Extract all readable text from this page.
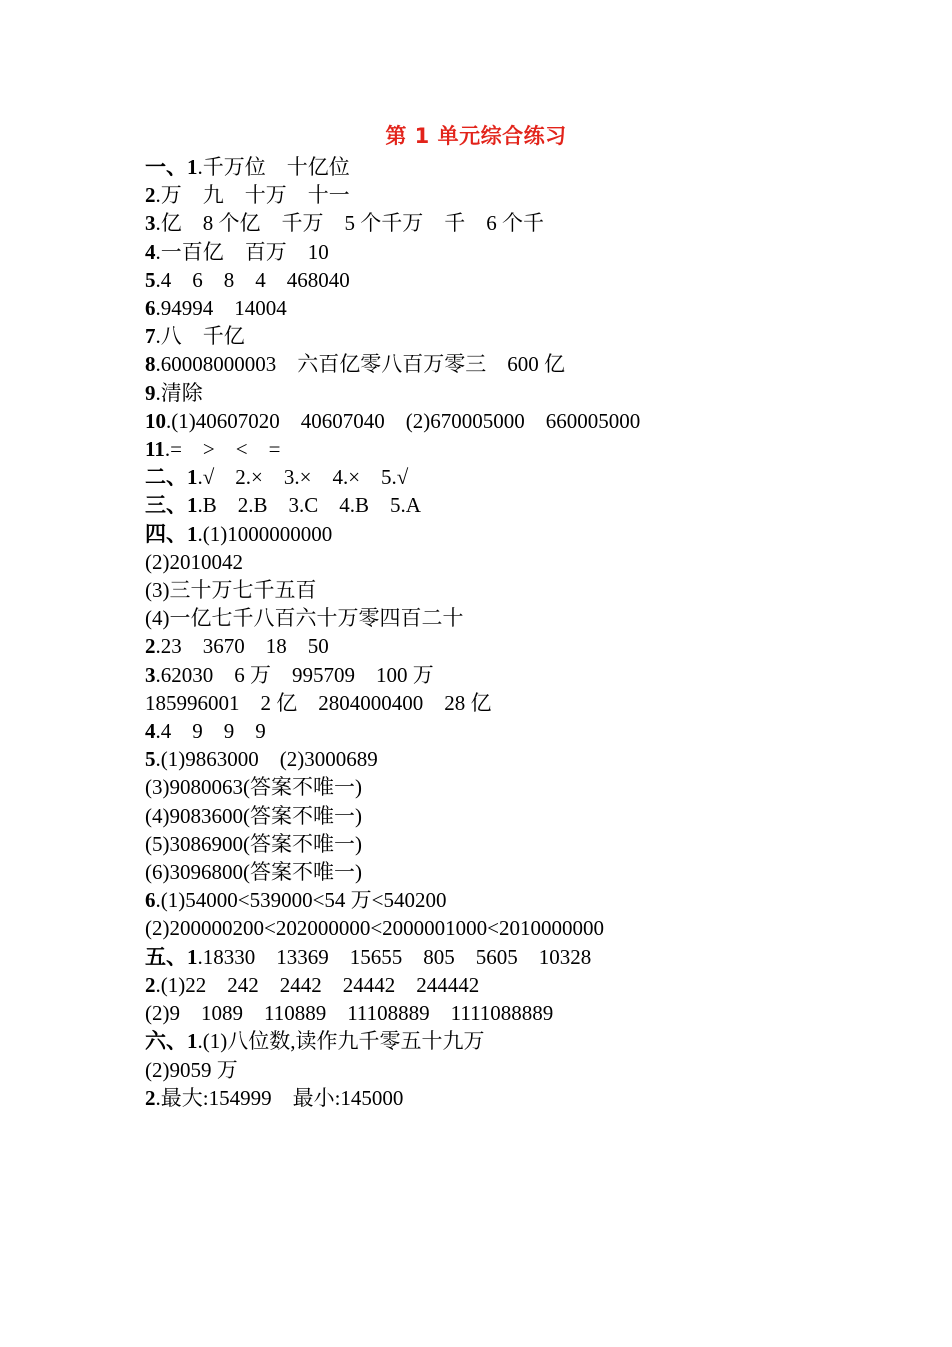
第 1 单元综合练习
一、1.千万位　十亿位
2.万　九　十万　十一
3.亿　8 个亿　千万　5 个千万　千　6 个千
4.一百亿　百万　10
5.4　6　8　4　468040
6.94994　14004
7.八　千亿
8.60008000003　六百亿零八百万零三　600 亿
9.清除
10.(1)40607020　40607040　(2)670005000　660005000
11.=　>　<　=
二、1.√　2.×　3.×　4.×　5.√
三、1.B　2.B　3.C　4.B　5.A
四、1.(1)1000000000
(2)2010042
(3)三十万七千五百
(4)一亿七千八百六十万零四百二十
2.23　3670　18　50
3.62030　6 万　995709　100 万
185996001　2 亿　2804000400　28 亿
4.4　9　9　9
5.(1)9863000　(2)3000689
(3)9080063(答案不唯一)
(4)9083600(答案不唯一)
(5)3086900(答案不唯一)
(6)3096800(答案不唯一)
6.(1)54000<539000<54 万<540200
(2)200000200<202000000<2000001000<2010000000
五、1.18330　13369　15655　805　5605　10328
2.(1)22　242　2442　24442　244442
(2)9　1089　110889　11108889　1111088889
六、1.(1)八位数,读作九千零五十九万
(2)9059 万
2.最大:154999　最小:145000
